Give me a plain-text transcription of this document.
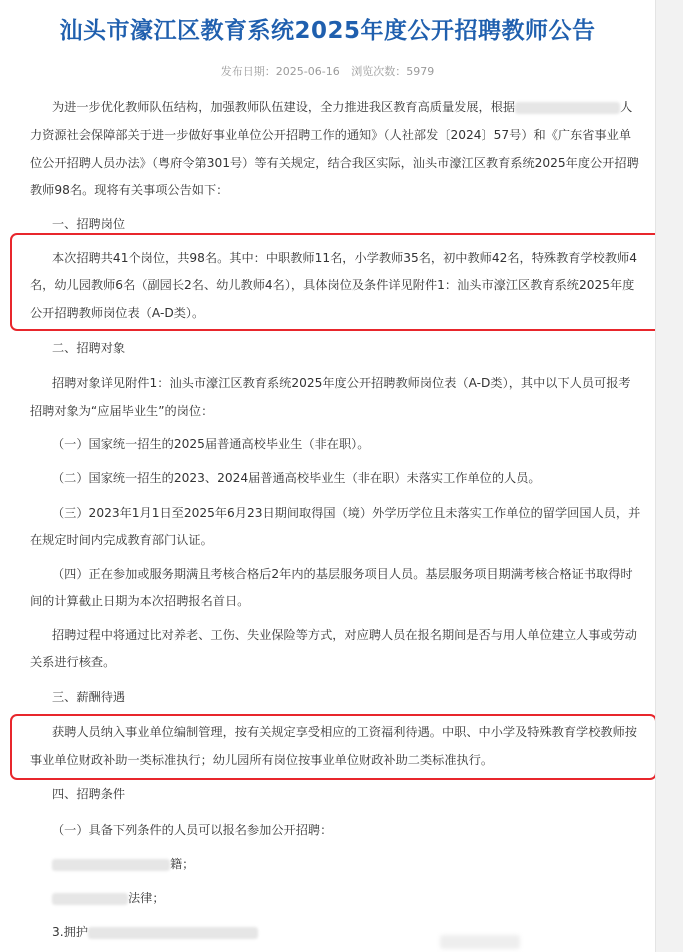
汕头市濠江区教育系统2025年度公开招聘教师公告
发布日期：2025-06-16 浏览次数：5979
为进一步优化教师队伍结构，加强教师队伍建设，全力推进我区教育高质量发展，根据	人
力资源社会保障部关于进一步做好事业单位公开招聘工作的通知》（人社部发〔2024〕57号）和《广东省事业单
位公开招聘人员办法》（粤府令第301号）等有关规定，结合我区实际，汕头市濠江区教育系统2025年度公开招聘
教师98名。现将有关事项公告如下：
一、招聘岗位
本次招聘共41个岗位，共98名。其中：中职教师11名，小学教师35名，初中教师42名，特殊教育学校教师4
名，幼儿园教师6名（副园长2名、幼儿教师4名），具体岗位及条件详见附件1：汕头市濠江区教育系统2025年度
公开招聘教师岗位表（A-D类）。
二、招聘对象
招聘对象详见附件1：汕头市濠江区教育系统2025年度公开招聘教师岗位表（A-D类），其中以下人员可报考
招聘对象为“应届毕业生”的岗位：
（一）国家统一招生的2025届普通高校毕业生（非在职）。
（二）国家统一招生的2023、2024届普通高校毕业生（非在职）未落实工作单位的人员。
（三）2023年1月1日至2025年6月23日期间取得国（境）外学历学位且未落实工作单位的留学回国人员，并
在规定时间内完成教育部门认证。
（四）正在参加或服务期满且考核合格后2年内的基层服务项目人员。基层服务项目期满考核合格证书取得时
间的计算截止日期为本次招聘报名首日。
招聘过程中将通过比对养老、工伤、失业保险等方式，对应聘人员在报名期间是否与用人单位建立人事或劳动
关系进行核查。
三、薪酬待遇
获聘人员纳入事业单位编制管理，按有关规定享受相应的工资福利待遇。中职、中小学及特殊教育学校教师按
事业单位财政补助一类标准执行；幼儿园所有岗位按事业单位财政补助二类标准执行。
四、招聘条件
（一）具备下列条件的人员可以报名参加公开招聘：
籍；
法律；
3.拥护
